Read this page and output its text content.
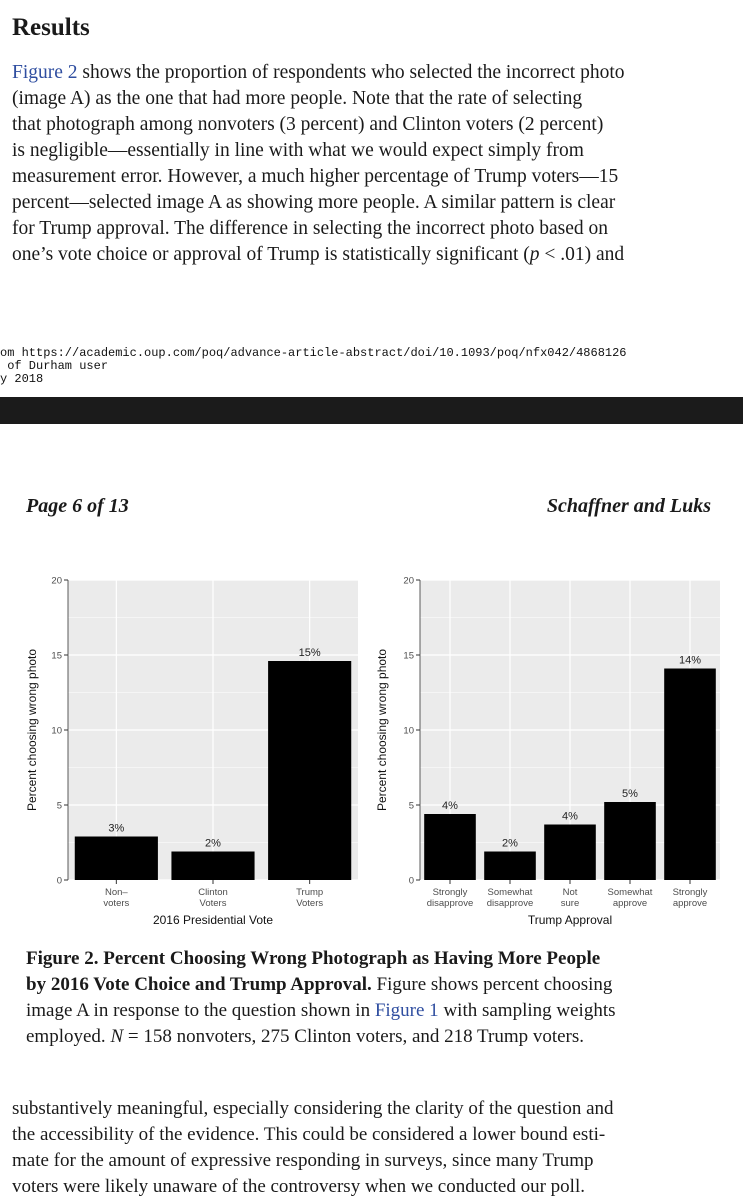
Results

Figure 2 shows the proportion of respondents who selected the incorrect photo
(image A) as the one that had more people. Note that the rate of selecting
that photograph among nonvoters (3 percent) and Clinton voters (2 percent)
is negligible—essentially in line with what we would expect simply from
measurement error. However, a much higher percentage of Trump voters—15
percent—selected image A as showing more people. A similar pattern is clear
for Trump approval. The difference in selecting the incorrect photo based on
one’s vote choice or approval of Trump is statistically significant (p < .01) and

om https://academic.oup.com/poq/advance-article-abstract/doi/10.1093/poq/nfx042/4868126
of Durham user
y 2018
Page 6 of 13	Schaffner and Luks
0
5
10
15
20
3%
Non–
voters
2%
Clinton
Voters
15%
Trump
Voters
2016 Presidential Vote
Percent choosing wrong photo
0
5
10
15
20
4%
Strongly
disapprove
2%
Somewhat
disapprove
4%
Not
sure
5%
Somewhat
approve
14%
Strongly
approve
Trump Approval
Percent choosing wrong photo

Figure 2. Percent Choosing Wrong Photograph as Having More People
by 2016 Vote Choice and Trump Approval. Figure shows percent choosing
image A in response to the question shown in Figure 1 with sampling weights
employed. N = 158 nonvoters, 275 Clinton voters, and 218 Trump voters.

substantively meaningful, especially considering the clarity of the question and
the accessibility of the evidence. This could be considered a lower bound esti-
mate for the amount of expressive responding in surveys, since many Trump
voters were likely unaware of the controversy when we conducted our poll.
